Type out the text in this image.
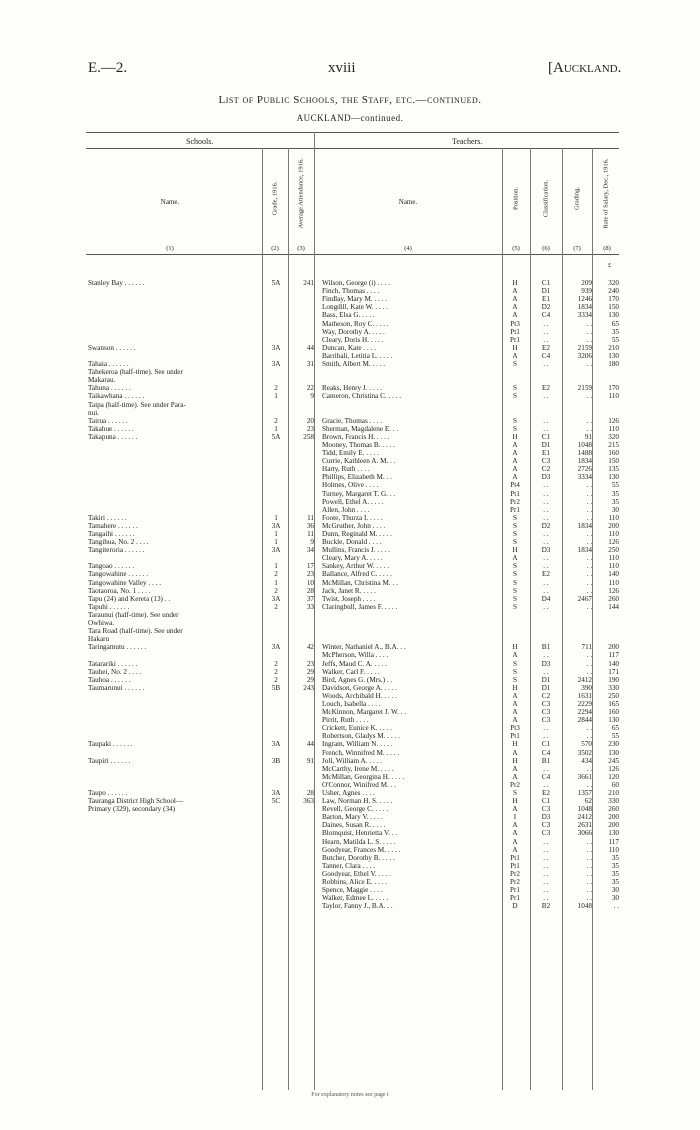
E.—2.	xviii	[Auckland.
List of Public Schools, the Staff, etc.—continued.
AUCKLAND—continued.
Schools.	Teachers.
Name.	Grade, 1916.	Average Attendance, 1916.	Name.	Position.	Classification.	Grading.	Rate of Salary, Dec., 1916.
(1)	(2)	(3)	(4)	(5)	(6)	(7)	(8)
£
Stanley Bay . . . . . .	5A	241 Wilson, George (i) . . . .	H	C1	209	320
Finch, Thomas . . . .	A	D1	939	240
Findlay, Mary M. . . . .	A	E1	1246	170
Longdill, Kate W. . . . .	A	D2	1834	150
Bass, Elsa G. . . . .	A	C4	3334	130
Matheson, Roy C. . . . .	Pt3	. .	. .	65
Way, Dorothy A. . . . .	Pt1	. .	. .	35
Cleary, Doris H. . . . .	Pr1	. .	. .	55
Swanson . . . . . .	3A	44 Duncan, Kate . . . .	H	E2	2159	210
Barribali, Letitia L. . . . .	A	C4	3206	130
Tahaia . . . . . .	3A	31 Smith, Albert M. . . . .	S	. .	. .	180
Tahekeroa (half-time). See under
Makarau.
Tahuna . . . . . .	2	22 Reaks, Henry J. . . . .	S	E2	2159	170
Taikawhana . . . . . .	1	9 Cameron, Christina C. . . . .	S	. .	. .	110
Taipa (half-time). See under Para-
nui.
Tairua . . . . . .	2	20 Gracie, Thomas . . . .	S	. .	. .	126
Takahue . . . . . .	1	23 Sherman, Magdalene E. . .	S	. .	. .	110
Takapuna . . . . . .	5A	258 Brown, Francis H. . . . .	H	C1	91	320
Mooney, Thomas B. . . . .	A	D1	1048	215
Tidd, Emily E. . . . .	A	E1	1488	160
Currie, Kathleen A. M. . .	A	C3	1834	150
Harty, Ruth . . . .	A	C2	2726	135
Phillips, Elizabeth M. . .	A	D3	3334	130
Holmes, Olive . . . .	Pt4	. .	. .	55
Turney, Margaret T. G. . .	Pt1	. .	. .	35
Powell, Ethel A. . . . .	Pr2	. .	. .	35
Allen, John . . . .	Pr1	. .	. .	30
Takiri . . . . . .	1	11 Foote, Thurza I. . . . .	S	. .	. .	110
Tamahere . . . . . .	3A	36 McGruther, John . . . .	S	D2	1834	200
Tangaihi . . . . . .	1	11 Dunn, Reginald M. . . . .	S	. .	. .	110
Tangihua, No. 2 . . . .	1	9 Buckle, Donald . . . .	S	. .	. .	126
Tangiteroria . . . . . .	3A	34 Mullins, Francis J. . . . .	H	D3	1834	250
Cleary, Mary A. . . . .	A	. .	. .	110
Tangoao . . . . . .	1	17 Sankey, Arthur W. . . . .	S	. .	. .	110
Tangowahine . . . . . .	2	23 Ballance, Alfred C. . . . .	S	E2	. .	140
Tangowahine Valley . . . .	1	10 McMillan, Christina M. . .	S	. .	. .	110
Taotaoroa, No. 1 . . . .	2	28 Jack, Janet R. . . . .	S	. .	. .	126
Tapu (24) and Kereta (13) . .	3A	37 Twist, Joseph . . . .	S	D4	2467	260
Tapuhi . . . . . .	2	33 Claringbull, James F. . . . .	S	. .	. .	144
Taraunui (half-time). See under
Owhiwa.
Tara Road (half-time). See under
Hakaru
Taringamutu . . . . . .	3A	42 Winter, Nathaniel A., B.A. . .	H	B1	711	200
McPherson, Willa . . . .	A	. .	. .	117
Tatarariki . . . . . .	2	23 Jeffs, Maud C. A. . . . .	S	D3	. .	140
Tauhei, No. 2 . . . .	2	29 Walker, Carl F. . . . .	S	. .	. .	171
Tauhoa . . . . . .	2	29 Bird, Agnes G. (Mrs.) . .	S	D1	2412	190
Taumarunui . . . . . .	5B	243 Davidson, George A. . . . .	H	D1	390	330
Woods, Archibald H. . . . .	A	C2	1631	250
Louch, Isabella . . . .	A	C3	2229	165
McKinnon, Margaret J. W. . .	A	C3	2294	160
Pirrit, Ruth . . . .	A	C3	2844	130
Crickett, Eunice K. . . . .	Pt3	. .	. .	65
Robertson, Gladys M. . . . .	Pt1	. .	. .	55
Taupaki . . . . . .	3A	44 Ingram, William N. . . . .	H	C1	570	230
French, Winnifred M. . . . .	A	C4	3502	130
Taupiri . . . . . .	3B	91 Joll, William A. . . . .	H	B1	434	245
McCarthy, Irene M. . . . .	A	. .	. .	126
McMillan, Georgina H. . . . .	A	C4	3661	120
O'Connor, Winifred M. . .	Pr2	. .	. .	60
Taupo . . . . . .	3A	28 Usher, Agnes . . . .	S	E2	1357	210
Tauranga District High School—	5C	363 Law, Norman H. S. . . . .	H	C1	62	330
Primary (329), secondary (34)	Revell, George C. . . . .	A	C3	1048	260
Barton, Mary V. . . . .	I	D3	2412	200
Daines, Susan R. . . . .	A	C3	2631	200
Blomquist, Henrietta V. . .	A	C3	3066	130
Hearn, Matilda L. S. . . . .	A	. .	. .	117
Goodyear, Frances M. . . . .	A	. .	. .	110
Butcher, Dorothy B. . . . .	Pt1	. .	. .	35
Tanner, Clara . . . .	Pt1	. .	. .	35
Goodyear, Ethel V. . . . .	Pr2	. .	. .	35
Robbins, Alice E. . . . .	Pr2	. .	. .	35
Spence, Maggie . . . .	Pr1	. .	. .	30
Walker, Edmee L. . . . .	Pr1	. .	. .	30
Taylor, Fanny J., B.A. . .	D	B2	1048	. .
For explanatory notes see page i
